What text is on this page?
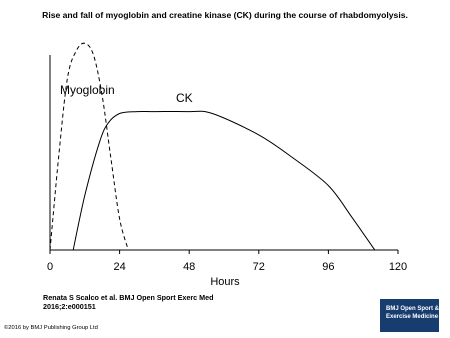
Rise and fall of myoglobin and creatine kinase (CK) during the course of rhabdomyolysis.
0	24	48	72	96	120
Myoglobin
CK
Hours
Renata S Scalco et al. BMJ Open Sport Exerc Med
2016;2:e000151
©2016 by BMJ Publishing Group Ltd
BMJ Open Sport &
Exercise Medicine
